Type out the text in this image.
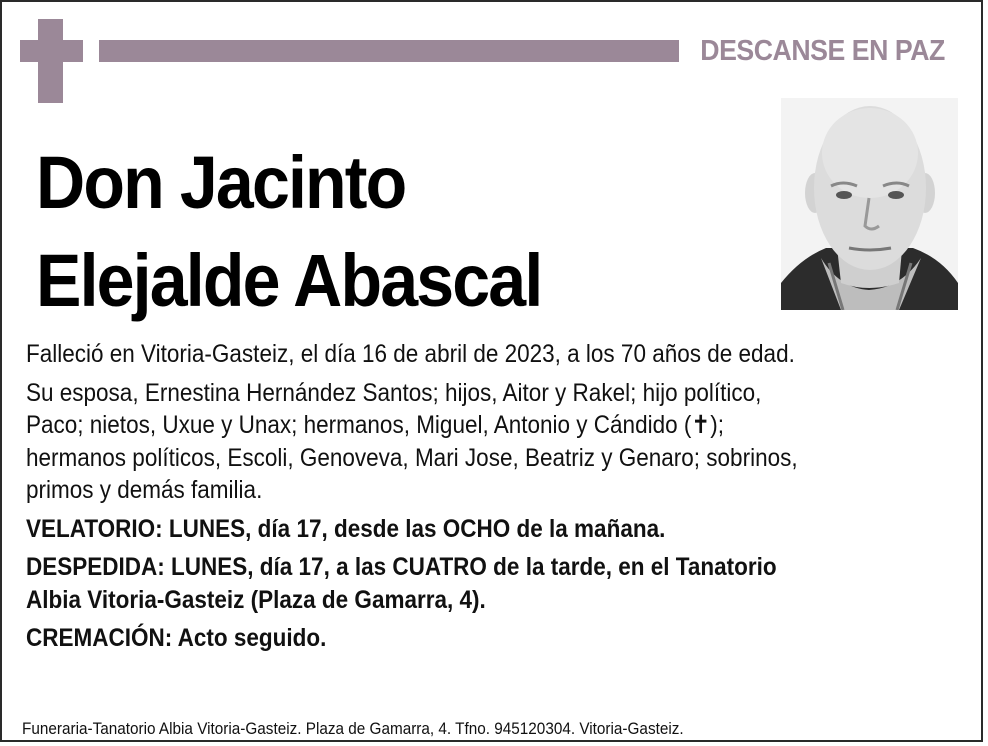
DESCANSE EN PAZ
Don Jacinto
Elejalde Abascal

Falleció en Vitoria-Gasteiz, el día 16 de abril de 2023, a los 70 años de edad.

Su esposa, Ernestina Hernández Santos; hijos, Aitor y Rakel; hijo político,
Paco; nietos, Uxue y Unax; hermanos, Miguel, Antonio y Cándido (✝);
hermanos políticos, Escoli, Genoveva, Mari Jose, Beatriz y Genaro; sobrinos,
primos y demás familia.

VELATORIO: LUNES, día 17, desde las OCHO de la mañana.

DESPEDIDA: LUNES, día 17, a las CUATRO de la tarde, en el Tanatorio
Albia Vitoria-Gasteiz (Plaza de Gamarra, 4).

CREMACIÓN: Acto seguido.

Funeraria-Tanatorio Albia Vitoria-Gasteiz. Plaza de Gamarra, 4. Tfno. 945120304. Vitoria-Gasteiz.
